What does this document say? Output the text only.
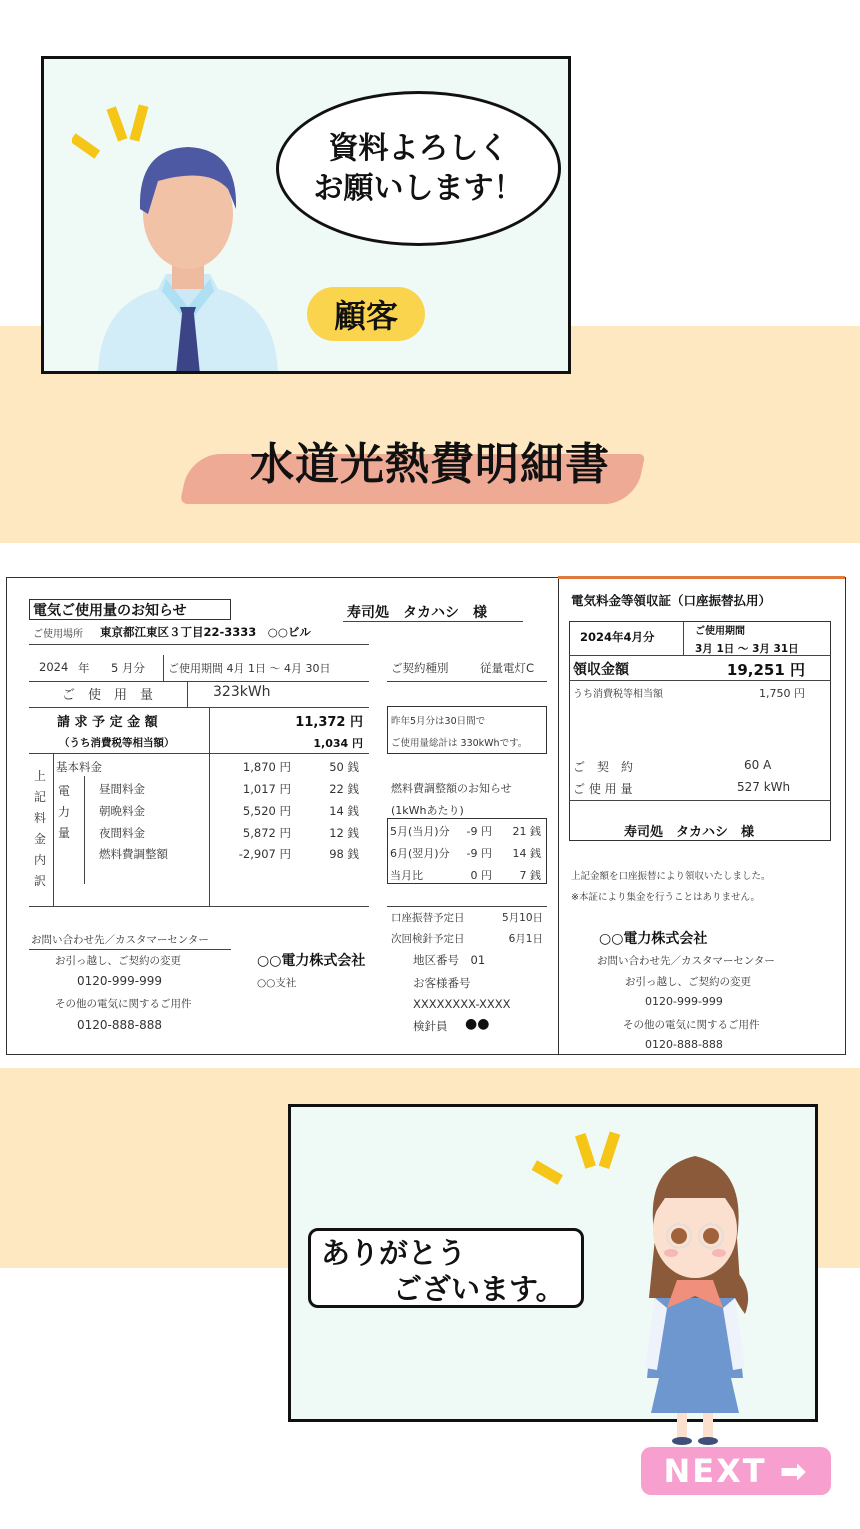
資料よろしく
お願いします！
顧客
水道光熱費明細書
電気ご使用量のお知らせ	寿司処　タカハシ　様
ご使用場所 東京都江東区３丁目22-3333　○○ビル
2024 年 5 月分 ご使用期間 4月 1日 ～ 4月 30日
ご　使　用　量	323kWh
請 求 予 定 金 額	11,372 円
（うち消費税等相当額）	1,034 円
上
記
料
金
内
訳
電
力
量
基本料金	1,870 円	50 銭
昼間料金	1,017 円	22 銭
朝晩料金	5,520 円	14 銭
夜間料金	5,872 円	12 銭
燃料費調整額	-2,907 円	98 銭
お問い合わせ先／カスタマーセンター
お引っ越し、ご契約の変更
0120-999-999
その他の電気に関するご用件
0120-888-888
○○電力株式会社
○○支社
ご契約種別	従量電灯C
昨年5月分は30日間で
ご使用量総計は 330kWhです。
燃料費調整額のお知らせ
(1kWhあたり)
5月(当月)分	-9 円	21 銭
6月(翌月)分	-9 円	14 銭
当月比	0 円	7 銭
口座振替予定日	5月10日
次回検針予定日	6月1日
地区番号　01
お客様番号
XXXXXXXX-XXXX
検針員 ●●
電気料金等領収証（口座振替払用）
2024年4月分	ご使用期間
3月 1日 ～ 3月 31日
領収金額	19,251 円
うち消費税等相当額	1,750 円
ご　契　約	60 A
ご 使 用 量	527 kWh
寿司処　タカハシ　様
上記金額を口座振替により領収いたしました。
※本証により集金を行うことはありません。
○○電力株式会社
お問い合わせ先／カスタマーセンター
お引っ越し、ご契約の変更
0120-999-999
その他の電気に関するご用件
0120-888-888
ありがとう
ございます。
NEXT ➡
